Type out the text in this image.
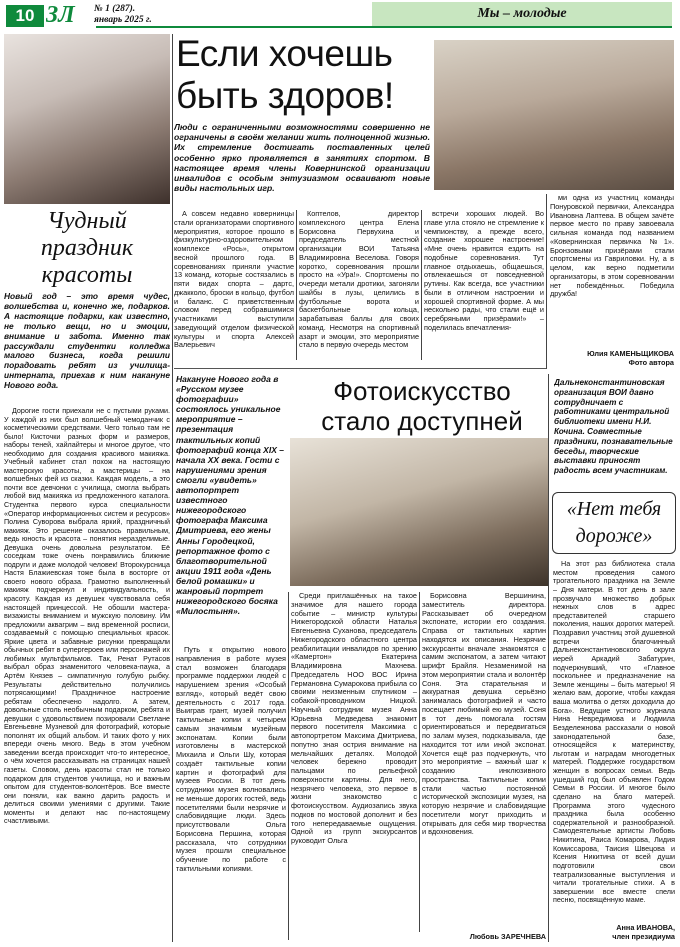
10 ЗЛ	№ 1 (287).
январь 2025 г.	Мы – молодые
Если хочешь
быть здоров!
Люди с ограниченными возможностями совершенно не ограничены в своём желании жить полноценной жизнью. Их стремление достигать поставленных целей особенно ярко проявляется в занятиях спортом. В настоящее время члены Ковернинской организации инвалидов с особым энтузиазмом осваивают новые виды настольных игр.
А совсем недавно ковернинцы стали организаторами спортивного мероприятия, которое прошло в физкультурно-оздоровительном комплексе «Рось», открытом весной прошлого года. В соревнованиях приняли участие 13 команд, которые состязались в пяти видах спорта – дартс, джакколо, броски в кольцо, футбол и баланс. С приветственным словом перед собравшимися участниками выступили заведующий отделом физической культуры и спорта Алексей Валерьевич
Коптелов, директор комплексного центра Елена Борисовна Первухина и председатель местной организации ВОИ Татьяна Владимировна Веселова. Говоря коротко, соревнования прошли просто на «Ура!». Спортсмены по очереди метали дротики, загоняли шайбы в лузы, целились в футбольные ворота и баскетбольные кольца, зарабатывая баллы для своих команд. Несмотря на спортивный азарт и эмоции, это мероприятие стало в первую очередь местом
встречи хороших людей. Во главе угла стояло не стремление к чемпионству, а прежде всего, создание хорошее настроение! «Мне очень нравится ездить на подобные соревнования. Тут главное отдыхаешь, общаешься, отвлекаешься от повседневной рутины. Как всегда, все участники были в отличном настроении и хорошей спортивной форме. А мы нескольно рады, что стали ещё и серебряными призёрами!» – поделилась впечатления-
ми одна из участниц команды Понуровской первички, Александра Ивановна Лаптева. В общем зачёте первое место по праву завоевала сильная команда под названием «Ковернинская первичка №1». Бронзовыми призёрами стали спортсмены из Гавриловки. Ну, а в целом, как верно подметили организаторы, в этом соревновании нет побеждённых. Победила дружба!
Юлия КАМЕНЬЩИКОВА
Фото автора
Чудный
праздник
красоты
Новый год – это время чудес, волшебства и, конечно же, подарков. А настоящие подарки, как известно, не только вещи, но и эмоции, внимание и забота. Именно так рассуждали студентки колледжа малого бизнеса, когда решили порадовать ребят из училища-интерната, приехав к ним накануне Нового года.
Дорогие гости приехали не с пустыми руками. У каждой из них был волшебный чемоданчик с косметическими средствами. Чего только там не было! Кисточки разных форм и размеров, наборы теней, хайлайтеры и многое другое, что необходимо для создания красивого макияжа. Учебный кабинет стал похож на настоящую мастерскую красоты, а мастерицы – на волшебных фей из сказки. Каждая модель, а это почти все девчонки с училища, смогла выбрать любой вид макияжа из предложенного каталога. Студентка первого курса специальности «Оператор информационных систем и ресурсов» Полина Суворова выбрала яркий, праздничный макияж. Это решение оказалось правильным, ведь юность и красота – понятия неразделимые. Девушка очень довольна результатом. Её соседкам тоже очень понравились ближние подруги и даже молодой человек! Второкурсница Настя Блажиевская тоже была в восторге от своего нового образа. Грамотно выполненный макияж подчеркнул и индивидуальность, и красоту. Каждая из девушек чувствовала себя настоящей принцессой. Не обошли мастера-визажисты вниманием и мужскую половину. Им предложили аквагрим – вид временной росписи, создаваемый с помощью специальных красок. Яркие цвета и забавные рисунки превращали обычных ребят в супергероев или персонажей их любимых мультфильмов. Так, Ренат Рутасов выбрал образ знаменитого человека-паука, а Артём Князев – симпатичную голубую рыбку. Результаты действительно получились потрясающими! Праздничное настроение ребятам обеспечено надолго. А затем, довольные столь необычным подарком, ребята и девушки с удовольствием позировали Светлане Евгеньевне Музневой для фотографий, которые пополнят их общий альбом. И таких фото у них впереди очень много. Ведь в этом учебном заведении всегда происходит что-то интересное, о чём хочется рассказывать на страницах нашей газеты. Словом, день красоты стал не только подарком для студентов училища, но и важным опытом для студентов-волонтёров. Все вместе они поняли, как важно дарить радость и делиться своими умениями с другими. Такие моменты и делают нас по-настоящему счастливыми.
Накануне Нового года в «Русском музее фотографии» состоялось уникальное мероприятие – презентация тактильных копий фотографий конца XIX – начала XX века. Гости с нарушениями зрения смогли «увидеть» автопортрет известного нижегородского фотографа Максима Дмитриева, его жены Анны Городецкой, репортажное фото с благотворительной акции 1911 года «День белой ромашки» и жанровый портрет нижегородского босяка «Милостыня».
Фотоискусство
стало доступней
Путь к открытию нового направления в работе музея стал возможен благодаря программе поддержки людей с нарушением зрения «Особый взгляд», который ведёт свою деятельность с 2017 года. Выиграв грант, музей получил тактильные копии к четырем самым значимым музейным экспонатам. Копии были изготовлены в мастерской Михаила и Ольги Шу, которая создаёт тактильные копии картин и фотографий для музеев России. В тот день сотрудники музея волновались не меньше дорогих гостей, ведь посетителями были незрячие и слабовидящие люди. Здесь присутствовали Ольга Борисовна Першина, которая рассказала, что сотрудники музея прошли специальное обучение по работе с тактильными копиями.
Среди приглашённых на такое значимое для нашего города событие – министр культуры Нижегородской области Наталья Евгеньевна Суханова, председатель Нижегородского областного центра реабилитации инвалидов по зрению «Камертон» Екатерина Владимировна Махнева. Председатель НОО ВОС Ирина Германовна Сумарокова прибыла со своими неизменным спутником – собакой-проводником Ницкой. Научный сотрудник музея Анна Юрьевна Медведева знакомит первого посетителя Максимиа с автопортретом Максима Дмитриева, попутно зная острия внимание на мельчайших деталях. Молодой человек бережно проводит пальцами по рельефной поверхности картины. Для него, незрячего человека, это первое в жизни знакомство с фотоискусством. Аудиозапись звука подков по мостовой дополнит и без того непередаваемые ощущения. Одной из групп экскурсантов руководит Ольга
Борисовна Вершинина, заместитель директора. Рассказывает об очередном экспонате, истории его создания. Справа от тактильных картин находятся их описания. Незрячие экскурсанты вначале знакомятся с самим экспонатом, а затем читают шрифт Брайля. Незаменимой на этом мероприятии стала и волонтёр Соня. Эта старательная и аккуратная девушка серьёзно занималась фотографией и часто посещает любимый ею музей. Соня в тот день помогала гостям ориентироваться и передвигаться по залам музея, подсказывала, где находится тот или иной экспонат. Хочется ещё раз подчеркнуть, что это мероприятие – важный шаг к созданию инклюзивного пространства. Тактильные копии стали частью постоянной исторической экспозиции музея, на которую незрячие и слабовидящие посетители могут приходить и открывать для себя мир творчества и вдохновения.
Любовь ЗАРЕЧНЕВА
Дальнеконстантиновская организация ВОИ давно сотрудничает с работниками центральной библиотеки имени Н.И. Кочина. Совместные праздники, познавательные беседы, творческие выставки приносят радость всем участникам.
«Нет тебя
дороже»
На этот раз библиотека стала местом проведения самого трогательного праздника на Земле – Дня матери. В тот день в зале прозвучало множество добрых нежных слов в адрес представителей старшего поколения, наших дорогих матерей. Поздравил участниц этой душевной встречи благочинный Дальнеконстантиновского округа иерей Аркадий Забатурин, подчеркнувший, что «Главное поскольнее и предназначение на Земле женщины – быть матерью! Я желаю вам, дорогие, чтобы каждая ваша молитва о детях доходила до Бога». Ведущие устного журнала Нина Невредимова и Людмила Бездележнова рассказали о новой законодательной базе, относящейся к материнству, льготам и наградам многодетных матерей. Поддержке государством женщин в вопросах семьи. Ведь ушедший год был объявлен Годом Семьи в России. И многое было сделано на благо матерей. Программа этого чудесного праздника была особенно содержательной и разнообразной. Самодеятельные артисты Любовь Никитина, Раиса Комарова, Лидия Комиссарова, Таисия Швецова и Ксения Никитина от всей души подготовили свои театрализованные выступления и читали трогательные стихи. А в завершении все вместе спели песню, посвящённую маме.
Анна ИВАНОВА,
член президиума
